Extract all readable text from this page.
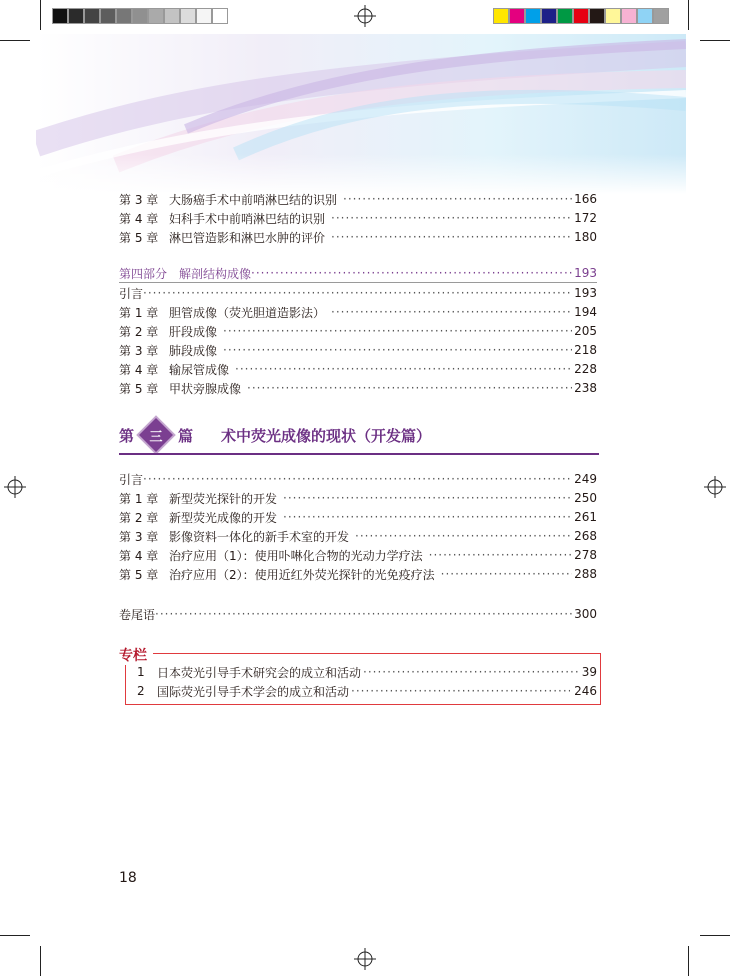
第 3 章 大肠癌手术中前哨淋巴结的识别 ·····	166
第 4 章 妇科手术中前哨淋巴结的识别 ·····	172
第 5 章 淋巴管造影和淋巴水肿的评价 ·····	180
第四部分　解剖结构成像 ·····	193
引言 ·····	193
第 1 章 胆管成像（荧光胆道造影法） ·····	194
第 2 章 肝段成像 ·····	205
第 3 章 肺段成像 ·····	218
第 4 章 输尿管成像 ·····	228
第 5 章 甲状旁腺成像 ·····	238
第	三	篇 术中荧光成像的现状（开发篇）
引言 ·····	249
第 1 章 新型荧光探针的开发 ·····	250
第 2 章 新型荧光成像的开发 ·····	261
第 3 章 影像资料一体化的新手术室的开发 ·····	268
第 4 章 治疗应用（1）：使用卟啉化合物的光动力学疗法 ·····	278
第 5 章 治疗应用（2）：使用近红外荧光探针的光免疫疗法 ·····	288
卷尾语 ·····	300
专栏
1	日本荧光引导手术研究会的成立和活动 ·····	39
2	国际荧光引导手术学会的成立和活动 ·····	246
18
